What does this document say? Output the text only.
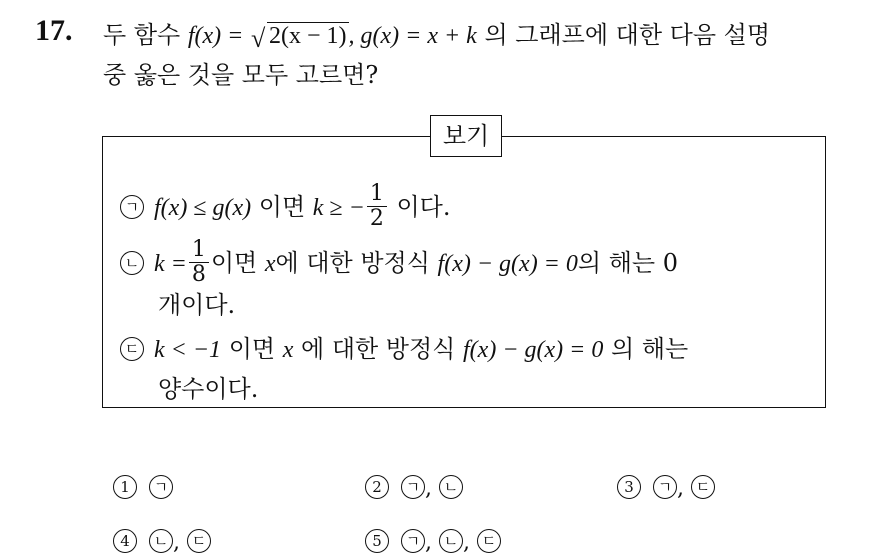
17. 두 함수 f(x) = √ 2(x − 1), g(x) = x + k 의 그래프에 대한 다음 설명
중 옳은 것을 모두 고르면?
보기
ㄱ f(x) ≤ g(x) 이면 k ≥ − $\frac{1}{2}$ 이다.
ㄴ $k = \frac{1}{8}$ 이면 x에 대한 방정식 f(x) − g(x) = 0의 해는 0
개이다.
ㄷ k < −1 이면 x 에 대한 방정식 f(x) − g(x) = 0 의 해는
양수이다.
1 ㄱ	2 ㄱ , ㄴ	3 ㄱ , ㄷ
4 ㄴ , ㄷ	5 ㄱ , ㄴ , ㄷ
